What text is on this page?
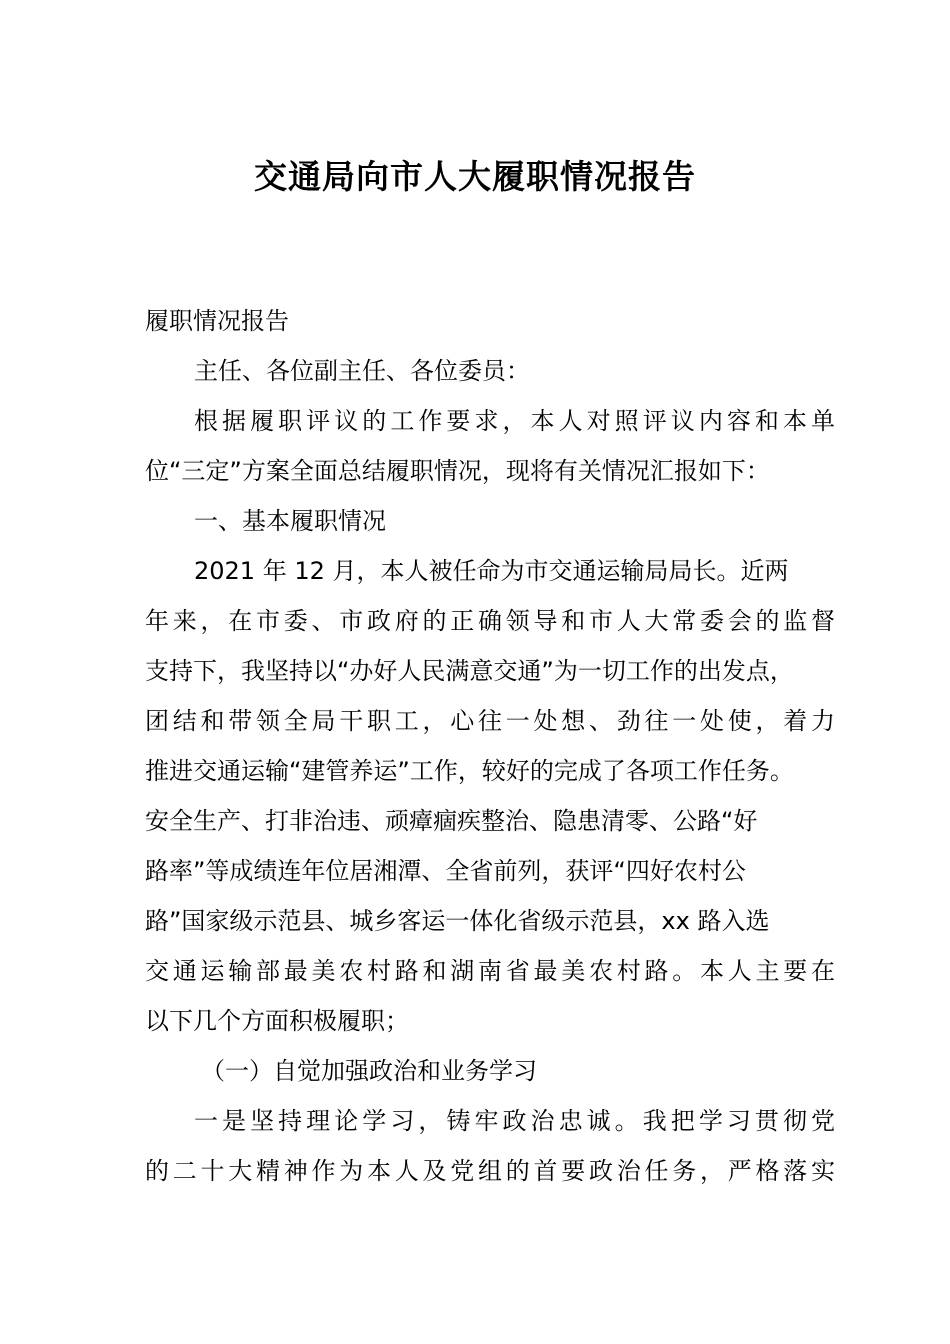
交通局向市人大履职情况报告
履职情况报告
主任、各位副主任、各位委员：
根据履职评议的工作要求，本人对照评议内容和本单
位“三定”方案全面总结履职情况，现将有关情况汇报如下：
一、基本履职情况
2021 年 12 月，本人被任命为市交通运输局局长。近两
年来，在市委、市政府的正确领导和市人大常委会的监督
支持下，我坚持以“办好人民满意交通”为一切工作的出发点，
团结和带领全局干职工，心往一处想、劲往一处使，着力
推进交通运输“建管养运”工作，较好的完成了各项工作任务。
安全生产、打非治违、顽瘴痼疾整治、隐患清零、公路“好
路率”等成绩连年位居湘潭、全省前列，获评“四好农村公
路”国家级示范县、城乡客运一体化省级示范县，xx 路入选
交通运输部最美农村路和湖南省最美农村路。本人主要在
以下几个方面积极履职；
（一）自觉加强政治和业务学习
一是坚持理论学习，铸牢政治忠诚。我把学习贯彻党
的二十大精神作为本人及党组的首要政治任务，严格落实
